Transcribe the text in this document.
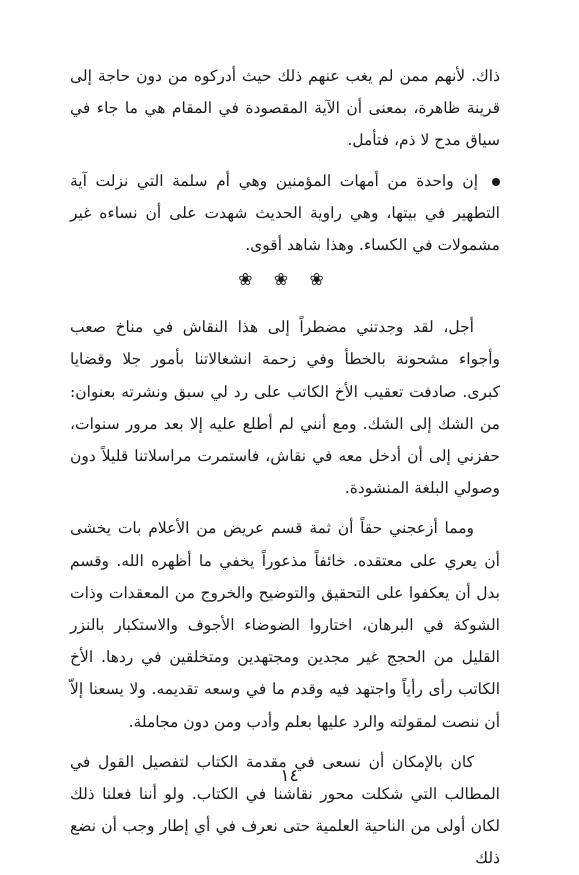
ذاك. لأنهم ممن لم يغب عنهم ذلك حيث أدركوه من دون حاجة إلى قرينة ظاهرة، بمعنى أن الآية المقصودة في المقام هي ما جاء في سياق مدح لا ذم، فتأمل.

إن واحدة من أمهات المؤمنين وهي أم سلمة التي نزلت آية التطهير في بيتها، وهي راوية الحديث شهدت على أن نساءه غير مشمولات في الكساء. وهذا شاهد أقوى.

❀ ❀ ❀

أجل، لقد وجدتني مضطراً إلى هذا النقاش في مناخ صعب وأجواء مشحونة بالخطأ وفي زحمة انشغالاتنا بأمور جلا وقضايا كبرى. صادفت تعقيب الأخ الكاتب على رد لي سبق ونشرته بعنوان: من الشك إلى الشك. ومع أنني لم أطلع عليه إلا بعد مرور سنوات، حفزني إلى أن أدخل معه في نقاش، فاستمرت مراسلاتنا قليلاً دون وصولي البلغة المنشودة.

ومما أزعجني حقاً أن ثمة قسم عريض من الأعلام بات يخشى أن يعري على معتقده. خائفاً مذعوراً يخفي ما أظهره الله. وقسم بدل أن يعكفوا على التحقيق والتوضيح والخروج من المعقدات وذات الشوكة في البرهان، اختاروا الضوضاء الأجوف والاستكبار بالنزر القليل من الحجج غير مجدين ومجتهدين ومتخلقين في ردها. الأخ الكاتب رأى رأياً واجتهد فيه وقدم ما في وسعه تقديمه. ولا يسعنا إلاّ أن ننصت لمقولته والرد عليها بعلم وأدب ومن دون مجاملة.

كان بالإمكان أن نسعى في مقدمة الكتاب لتفصيل القول في المطالب التي شكلت محور نقاشنا في الكتاب. ولو أننا فعلنا ذلك لكان أولى من الناحية العلمية حتى نعرف في أي إطار وجب أن نضع ذلك

١٤
